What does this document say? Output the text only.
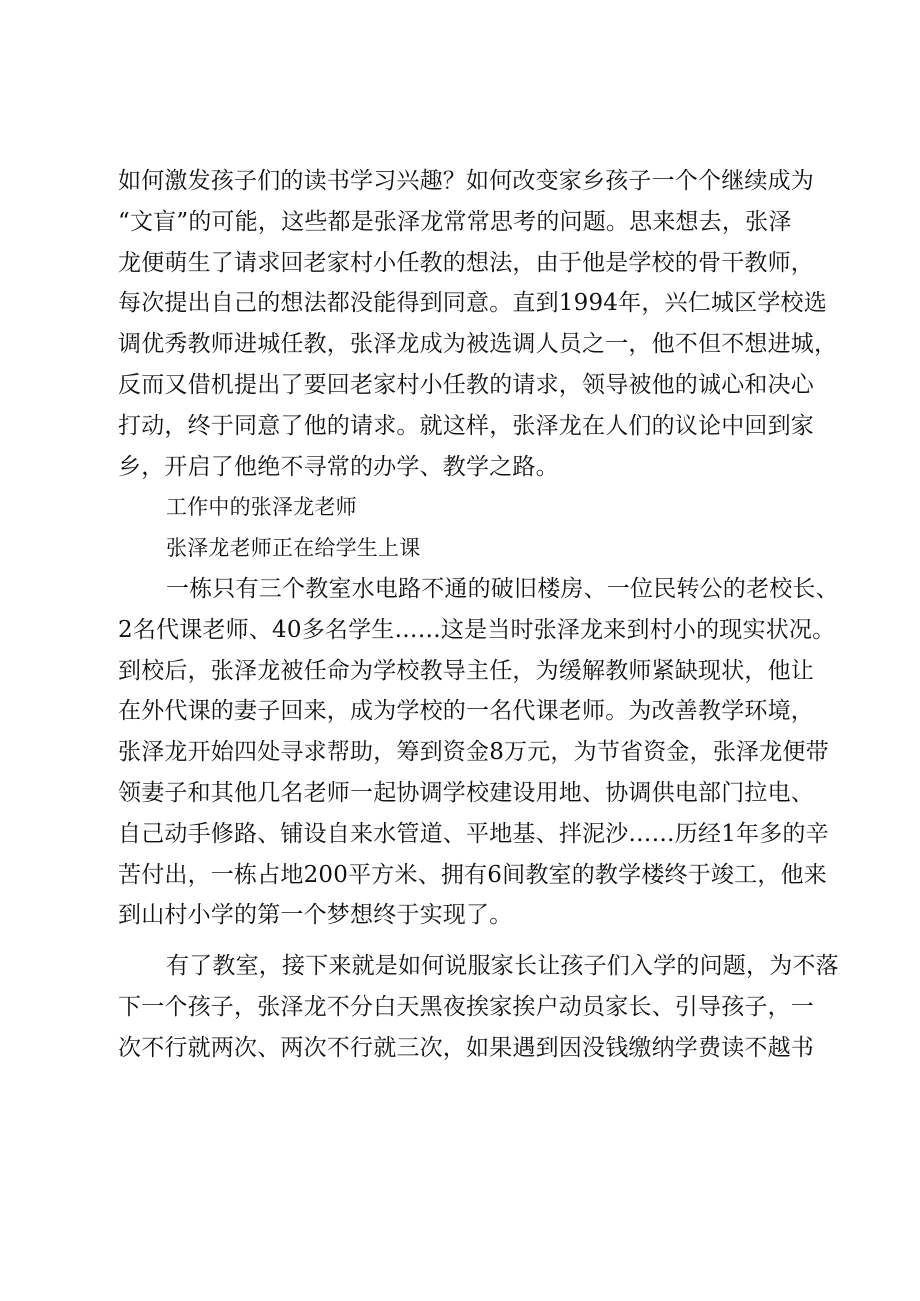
如何激发孩子们的读书学习兴趣？如何改变家乡孩子一个个继续成为
“文盲”的可能，这些都是张泽龙常常思考的问题。思来想去，张泽
龙便萌生了请求回老家村小任教的想法，由于他是学校的骨干教师，
每次提出自己的想法都没能得到同意。直到1994年，兴仁城区学校选
调优秀教师进城任教，张泽龙成为被选调人员之一，他不但不想进城，
反而又借机提出了要回老家村小任教的请求，领导被他的诚心和决心
打动，终于同意了他的请求。就这样，张泽龙在人们的议论中回到家
乡，开启了他绝不寻常的办学、教学之路。
工作中的张泽龙老师
张泽龙老师正在给学生上课
一栋只有三个教室水电路不通的破旧楼房、一位民转公的老校长、
2名代课老师、40多名学生……这是当时张泽龙来到村小的现实状况。
到校后，张泽龙被任命为学校教导主任，为缓解教师紧缺现状，他让
在外代课的妻子回来，成为学校的一名代课老师。为改善教学环境，
张泽龙开始四处寻求帮助，筹到资金8万元，为节省资金，张泽龙便带
领妻子和其他几名老师一起协调学校建设用地、协调供电部门拉电、
自己动手修路、铺设自来水管道、平地基、拌泥沙……历经1年多的辛
苦付出，一栋占地200平方米、拥有6间教室的教学楼终于竣工，他来
到山村小学的第一个梦想终于实现了。
有了教室，接下来就是如何说服家长让孩子们入学的问题，为不落
下一个孩子，张泽龙不分白天黑夜挨家挨户动员家长、引导孩子，一
次不行就两次、两次不行就三次，如果遇到因没钱缴纳学费读不越书
